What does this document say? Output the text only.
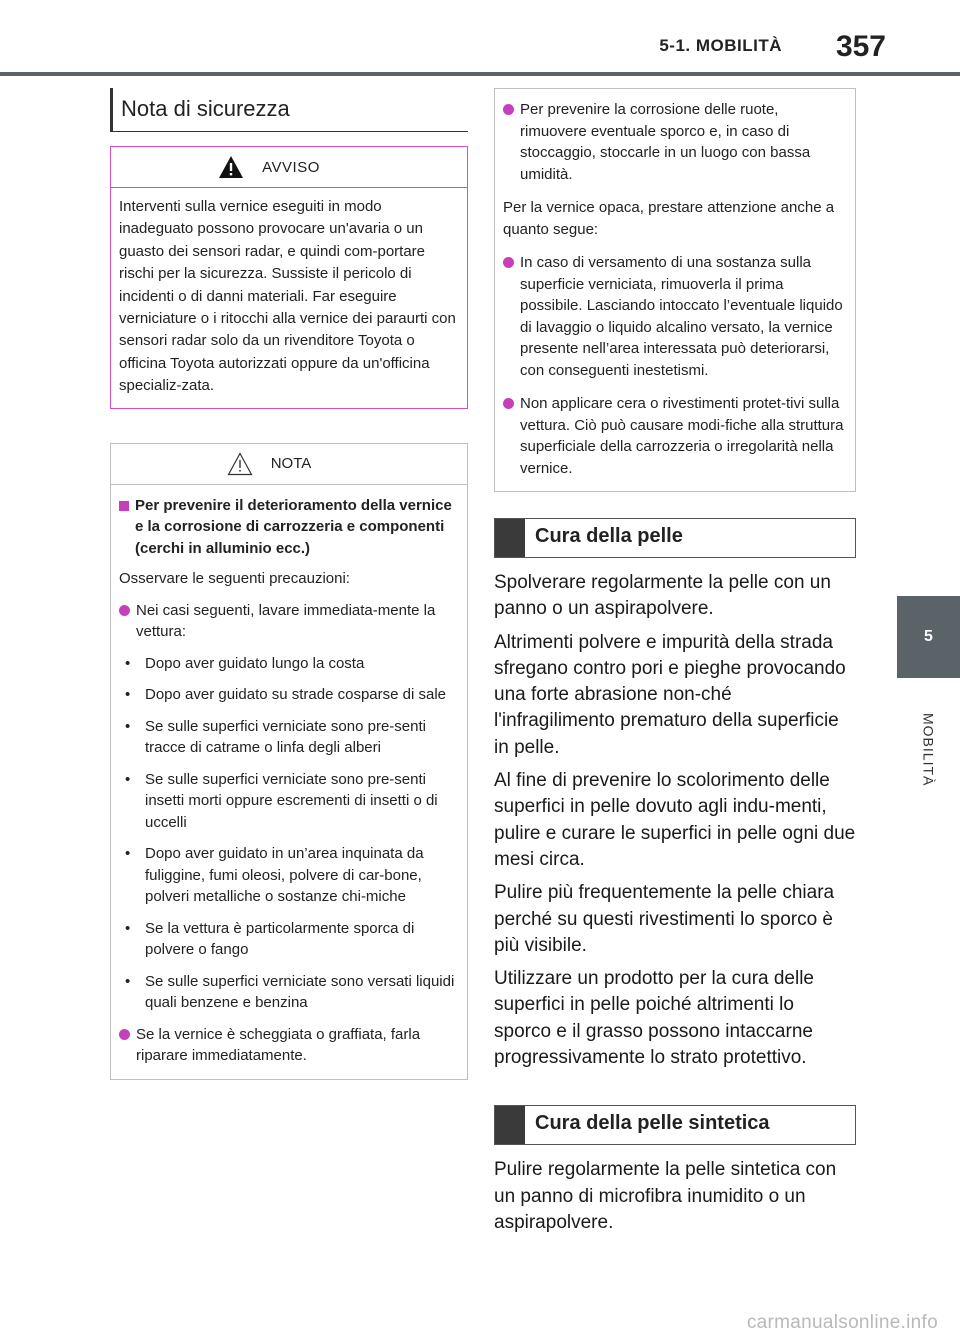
5-1. MOBILITÀ 357
5
MOBILITÀ
Nota di sicurezza
AVVISO
Interventi sulla vernice eseguiti in modo inadeguato possono provocare un'avaria o un guasto dei sensori radar, e quindi com-portare rischi per la sicurezza. Sussiste il pericolo di incidenti o di danni materiali. Far eseguire verniciature o i ritocchi alla vernice dei paraurti con sensori radar solo da un rivenditore Toyota o officina Toyota autorizzati oppure da un'officina specializ-zata.
NOTA
Per prevenire il deterioramento della vernice e la corrosione di carrozzeria e componenti (cerchi in alluminio ecc.)
Osservare le seguenti precauzioni:
Nei casi seguenti, lavare immediata-mente la vettura:
• Dopo aver guidato lungo la costa
• Dopo aver guidato su strade cosparse di sale
• Se sulle superfici verniciate sono pre-senti tracce di catrame o linfa degli alberi
• Se sulle superfici verniciate sono pre-senti insetti morti oppure escrementi di insetti o di uccelli
• Dopo aver guidato in un’area inquinata da fuliggine, fumi oleosi, polvere di car-bone, polveri metalliche o sostanze chi-miche
• Se la vettura è particolarmente sporca di polvere o fango
• Se sulle superfici verniciate sono versati liquidi quali benzene e benzina
Se la vernice è scheggiata o graffiata, farla riparare immediatamente.
Per prevenire la corrosione delle ruote, rimuovere eventuale sporco e, in caso di stoccaggio, stoccarle in un luogo con bassa umidità.
Per la vernice opaca, prestare attenzione anche a quanto segue:
In caso di versamento di una sostanza sulla superficie verniciata, rimuoverla il prima possibile. Lasciando intoccato l’eventuale liquido di lavaggio o liquido alcalino versato, la vernice presente nell’area interessata può deteriorarsi, con conseguenti inestetismi.
Non applicare cera o rivestimenti protet-tivi sulla vettura. Ciò può causare modi-fiche alla struttura superficiale della carrozzeria o irregolarità nella vernice.
Cura della pelle

Spolverare regolarmente la pelle con un panno o un aspirapolvere.

Altrimenti polvere e impurità della strada sfregano contro pori e pieghe provocando una forte abrasione non-ché l'infragilimento prematuro della superficie in pelle.

Al fine di prevenire lo scolorimento delle superfici in pelle dovuto agli indu-menti, pulire e curare le superfici in pelle ogni due mesi circa.

Pulire più frequentemente la pelle chiara perché su questi rivestimenti lo sporco è più visibile.

Utilizzare un prodotto per la cura delle superfici in pelle poiché altrimenti lo sporco e il grasso possono intaccarne progressivamente lo strato protettivo.

Cura della pelle sintetica

Pulire regolarmente la pelle sintetica con un panno di microfibra inumidito o un aspirapolvere.

carmanualsonline.info
